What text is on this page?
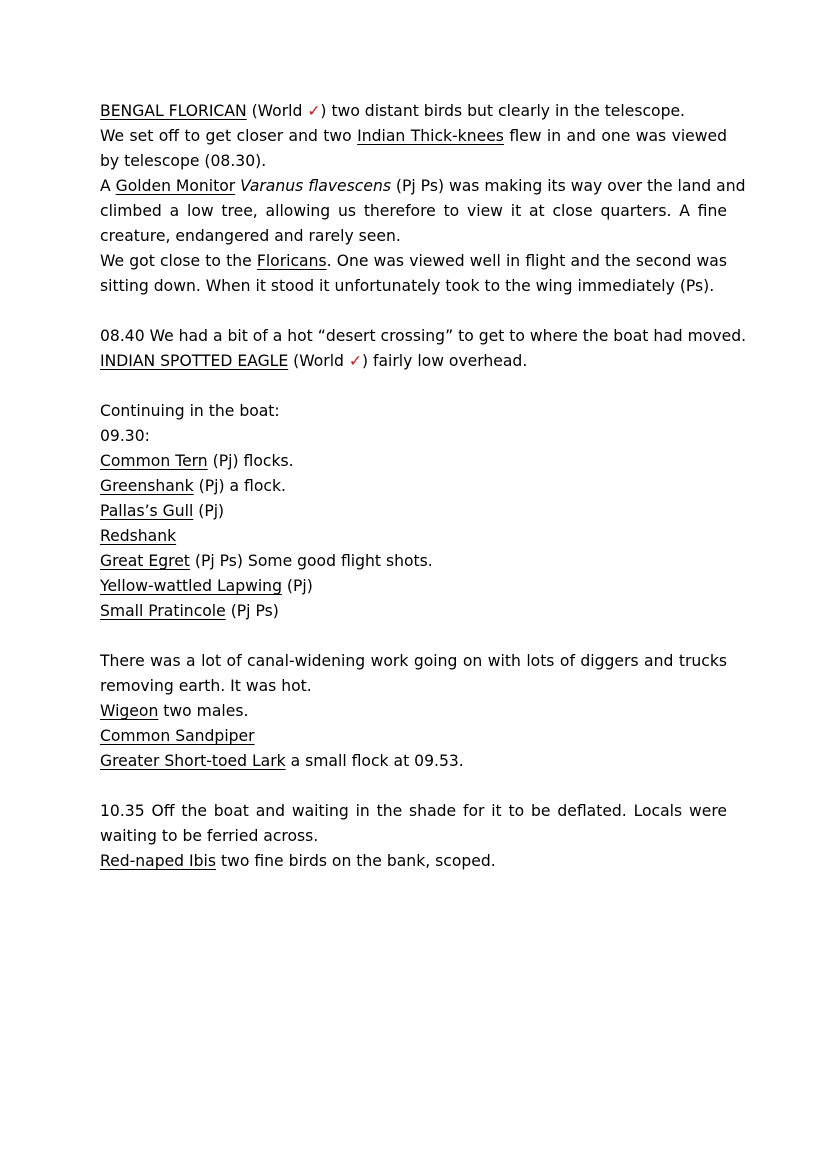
BENGAL FLORICAN (World ✓) two distant birds but clearly in the telescope.
We set off to get closer and two Indian Thick-knees flew in and one was viewed
by telescope (08.30).
A Golden Monitor Varanus flavescens (Pj Ps) was making its way over the land and
climbed a low tree, allowing us therefore to view it at close quarters. A fine
creature, endangered and rarely seen.
We got close to the Floricans. One was viewed well in flight and the second was
sitting down. When it stood it unfortunately took to the wing immediately (Ps).
08.40 We had a bit of a hot “desert crossing” to get to where the boat had moved.
INDIAN SPOTTED EAGLE (World ✓) fairly low overhead.
Continuing in the boat:
09.30:
Common Tern (Pj) flocks.
Greenshank (Pj) a flock.
Pallas’s Gull (Pj)
Redshank
Great Egret (Pj Ps) Some good flight shots.
Yellow-wattled Lapwing (Pj)
Small Pratincole (Pj Ps)
There was a lot of canal-widening work going on with lots of diggers and trucks
removing earth. It was hot.
Wigeon two males.
Common Sandpiper
Greater Short-toed Lark a small flock at 09.53.
10.35 Off the boat and waiting in the shade for it to be deflated. Locals were
waiting to be ferried across.
Red-naped Ibis two fine birds on the bank, scoped.
